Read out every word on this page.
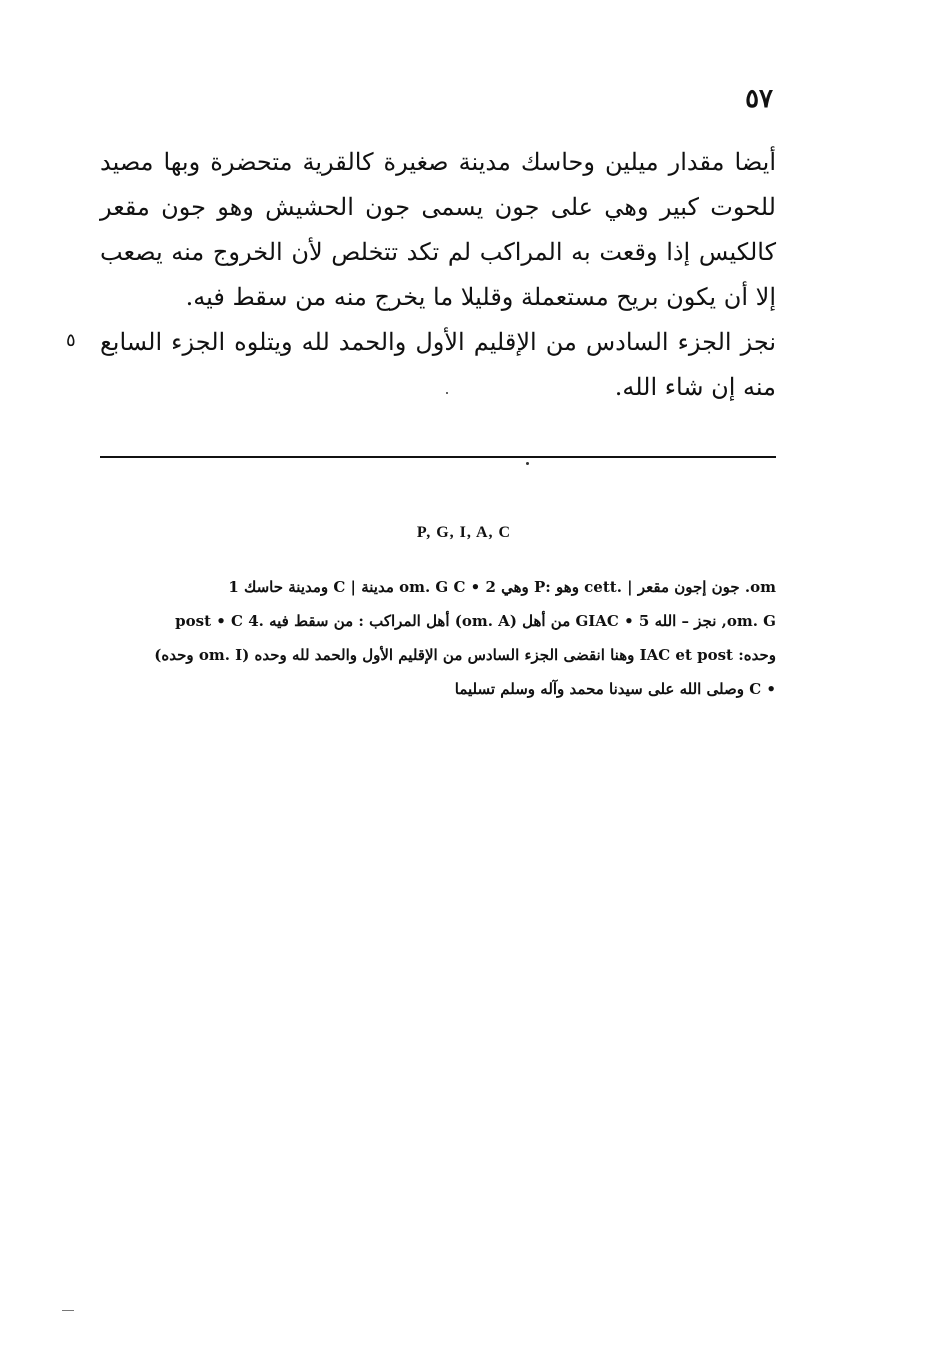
٥٧

أيضا مقدار ميلين وحاسك مدينة صغيرة كالقرية متحضرة وبها مصيد للحوت كبير وهي على جون يسمى جون الحشيش وهو جون مقعر كالكيس إذا وقعت به المراكب لم تكد تتخلص لأن الخروج منه يصعب إلا أن يكون بريح مستعملة وقليلا ما يخرج منه من سقط فيه.

نجز الجزء السادس من الإقليم الأول والحمد لله ويتلوه الجزء السابع منه إن شاء الله.

٥
P, G, I, A, C
om. جون إجون مقعر | .cett وهو :P وهي 2 • om. G C مدينة | C ومدينة حاسك 1
om. G, نجز – الله 5 • GIAC من أهل (om. A) أهل المراكب : من سقط فيه .4 post • C
وحده: IAC et post وهنا انقضى الجزء السادس من الإقليم الأول والحمد لله وحده (om. I وحده)
• C وصلى الله على سيدنا محمد وآله وسلم تسليما
